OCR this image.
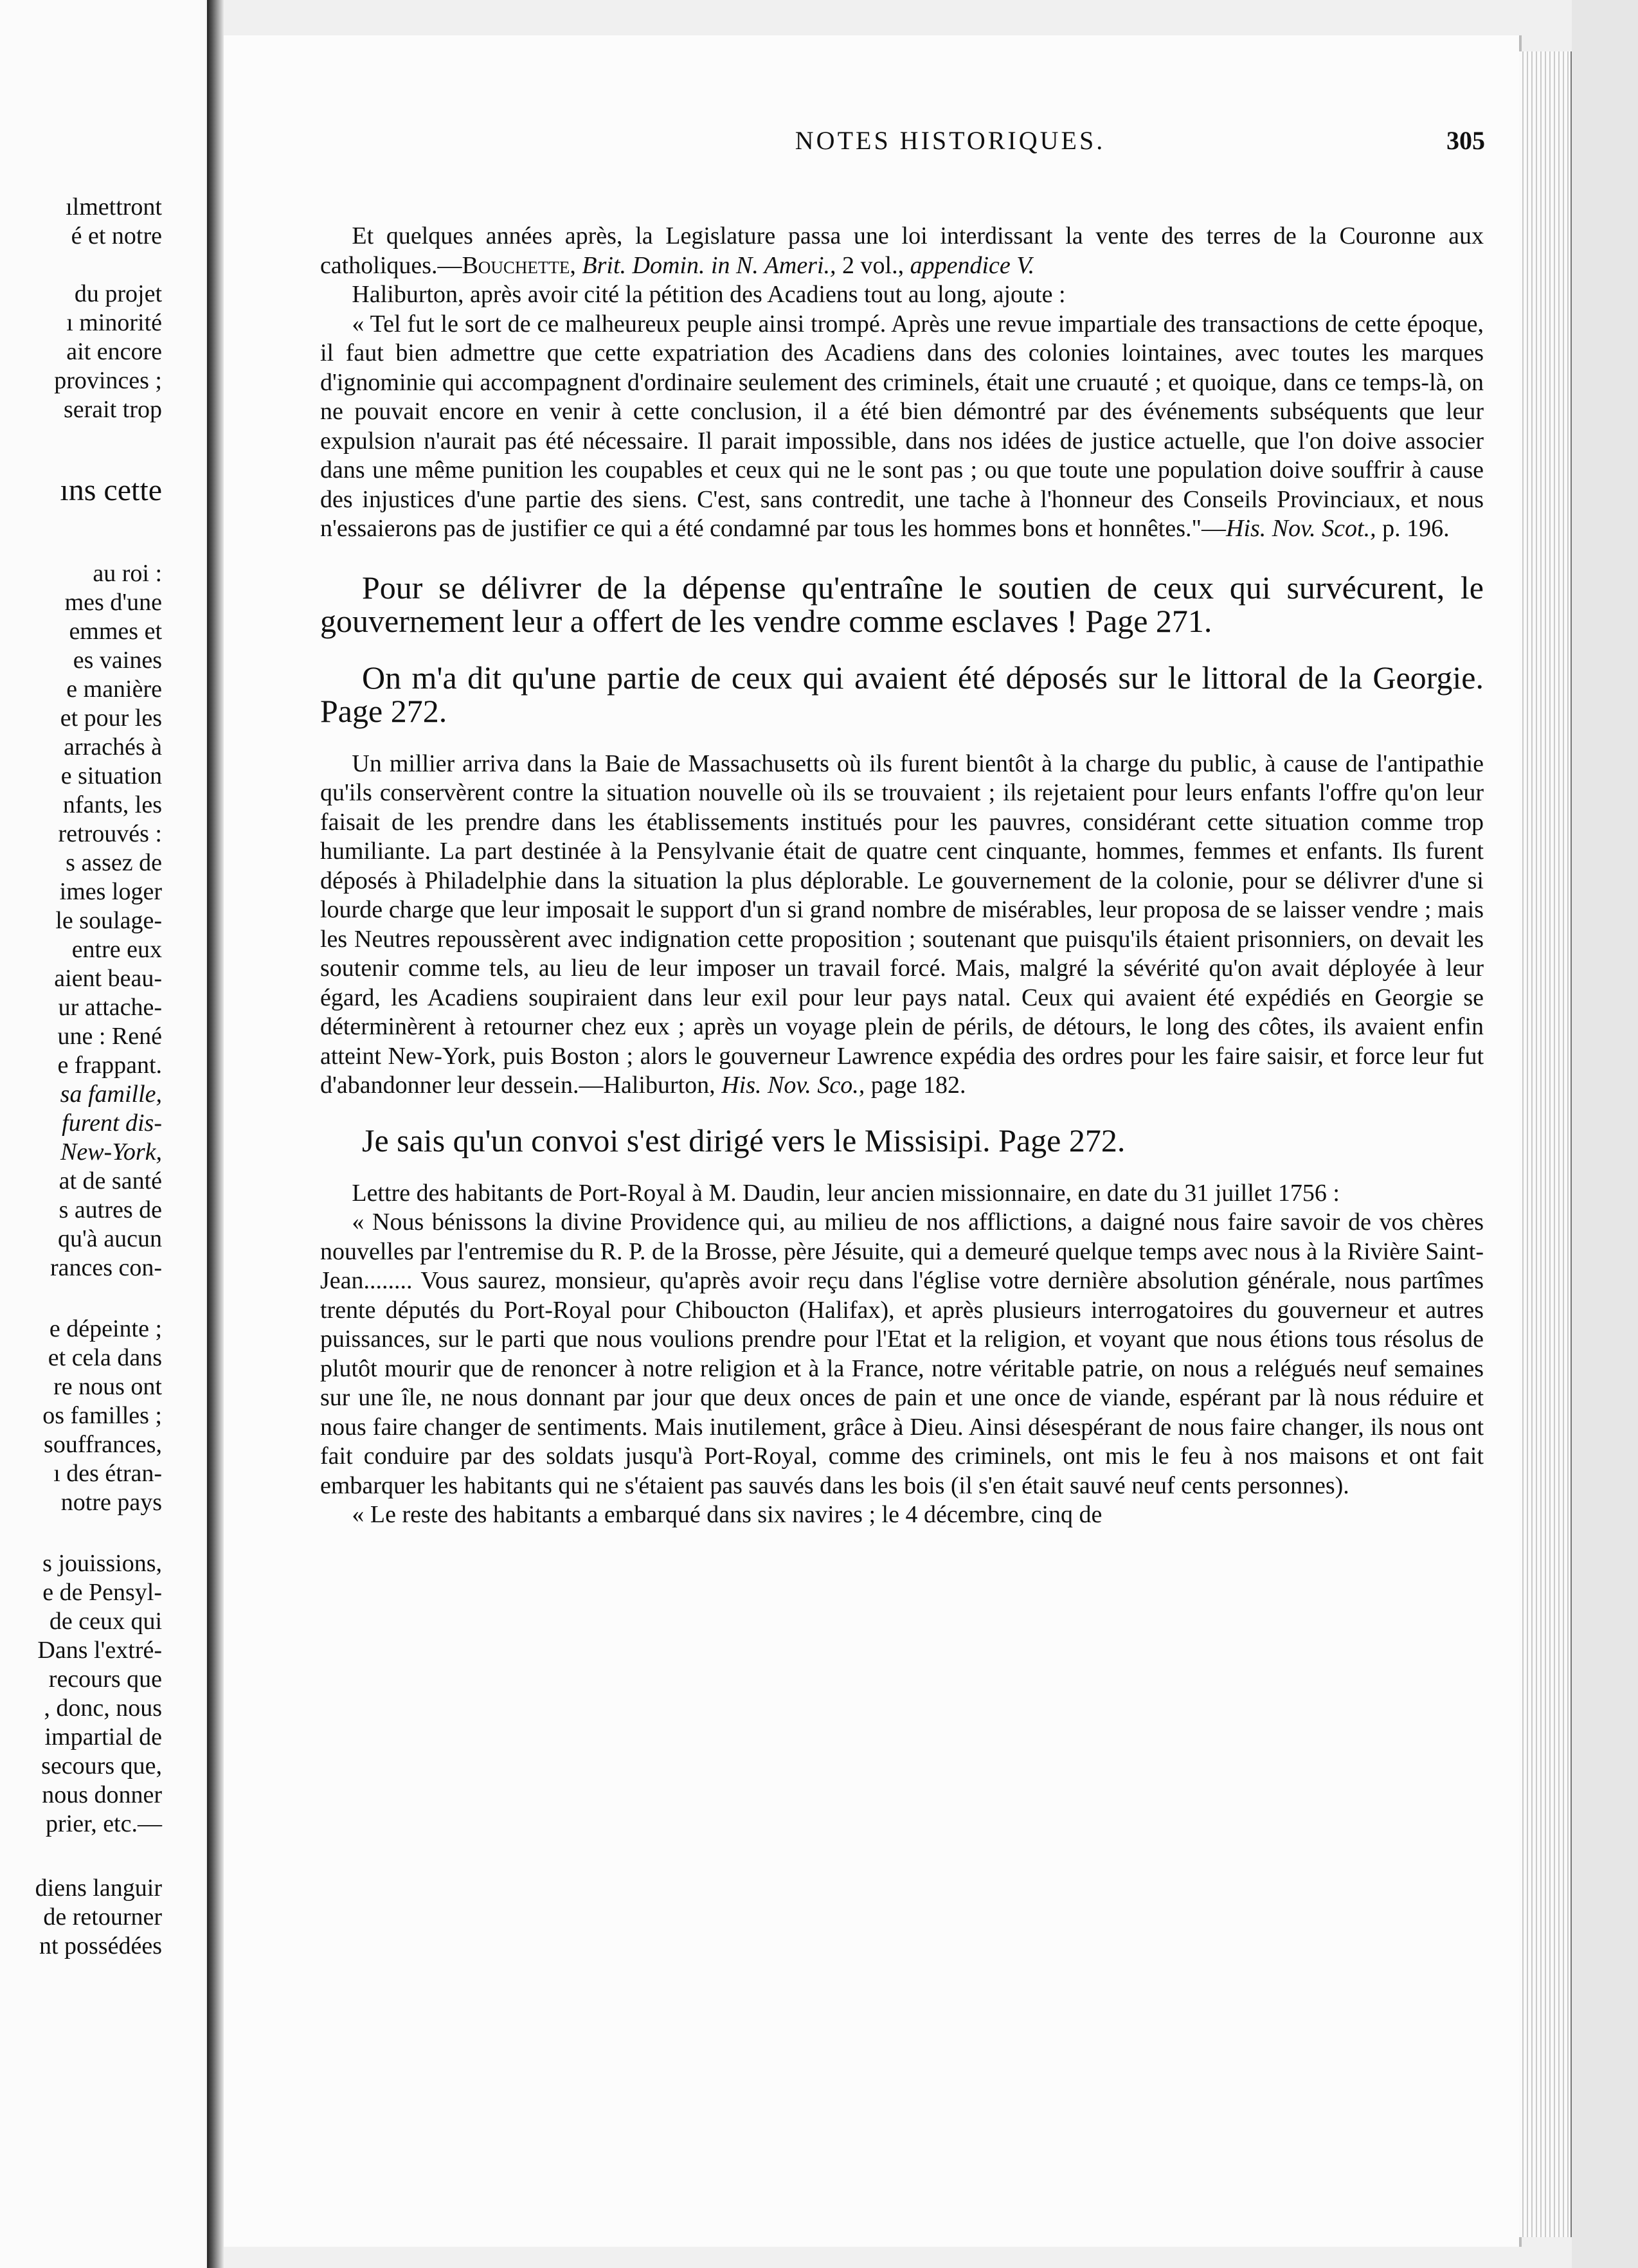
ılmettront
é et notre
du projet
ı minorité
ait encore
provinces ;
serait trop
ıns cette
au roi :
mes d'une
emmes et
es vaines
e manière
et pour les
arrachés à
e situation
nfants, les
retrouvés :
s assez de
imes loger
le soulage-
entre eux
aient beau-
ur attache-
une : René
e frappant.
sa famille,
furent dis-
New-York,
at de santé
s autres de
qu'à aucun
rances con-
e dépeinte ;
et cela dans
re nous ont
os familles ;
souffrances,
ı des étran-
notre pays
s jouissions,
e de Pensyl-
de ceux qui
Dans l'extré-
recours que
, donc, nous
impartial de
secours que,
nous donner
prier, etc.—
diens languir
de retourner
nt possédées
NOTES HISTORIQUES.	305

Et quelques années après, la Legislature passa une loi interdissant la vente des terres de la Couronne aux catholiques.—Bouchette, Brit. Domin. in N. Ameri., 2 vol., appendice V.

Haliburton, après avoir cité la pétition des Acadiens tout au long, ajoute :

« Tel fut le sort de ce malheureux peuple ainsi trompé. Après une revue impartiale des transactions de cette époque, il faut bien admettre que cette expatriation des Acadiens dans des colonies lointaines, avec toutes les marques d'ignominie qui accompagnent d'ordinaire seulement des criminels, était une cruauté ; et quoique, dans ce temps-là, on ne pouvait encore en venir à cette conclusion, il a été bien démontré par des événements subséquents que leur expulsion n'aurait pas été nécessaire. Il parait impossible, dans nos idées de justice actuelle, que l'on doive associer dans une même punition les coupables et ceux qui ne le sont pas ; ou que toute une population doive souffrir à cause des injustices d'une partie des siens. C'est, sans contredit, une tache à l'honneur des Conseils Provinciaux, et nous n'essaierons pas de justifier ce qui a été condamné par tous les hommes bons et honnêtes."—His. Nov. Scot., p. 196.

Pour se délivrer de la dépense qu'entraîne le soutien de ceux qui survécurent, le gouvernement leur a offert de les vendre comme esclaves ! Page 271.

On m'a dit qu'une partie de ceux qui avaient été déposés sur le littoral de la Georgie. Page 272.

Un millier arriva dans la Baie de Massachusetts où ils furent bientôt à la charge du public, à cause de l'antipathie qu'ils conservèrent contre la situation nouvelle où ils se trouvaient ; ils rejetaient pour leurs enfants l'offre qu'on leur faisait de les prendre dans les établissements institués pour les pauvres, considérant cette situation comme trop humiliante. La part destinée à la Pensylvanie était de quatre cent cinquante, hommes, femmes et enfants. Ils furent déposés à Philadelphie dans la situation la plus déplorable. Le gouvernement de la colonie, pour se délivrer d'une si lourde charge que leur imposait le support d'un si grand nombre de misérables, leur proposa de se laisser vendre ; mais les Neutres repoussèrent avec indignation cette proposition ; soutenant que puisqu'ils étaient prisonniers, on devait les soutenir comme tels, au lieu de leur imposer un travail forcé. Mais, malgré la sévérité qu'on avait déployée à leur égard, les Acadiens soupiraient dans leur exil pour leur pays natal. Ceux qui avaient été expédiés en Georgie se déterminèrent à retourner chez eux ; après un voyage plein de périls, de détours, le long des côtes, ils avaient enfin atteint New-York, puis Boston ; alors le gouverneur Lawrence expédia des ordres pour les faire saisir, et force leur fut d'abandonner leur dessein.—Haliburton, His. Nov. Sco., page 182.

Je sais qu'un convoi s'est dirigé vers le Missisipi. Page 272.

Lettre des habitants de Port-Royal à M. Daudin, leur ancien missionnaire, en date du 31 juillet 1756 :

« Nous bénissons la divine Providence qui, au milieu de nos afflictions, a daigné nous faire savoir de vos chères nouvelles par l'entremise du R. P. de la Brosse, père Jésuite, qui a demeuré quelque temps avec nous à la Rivière Saint-Jean........ Vous saurez, monsieur, qu'après avoir reçu dans l'église votre dernière absolution générale, nous partîmes trente députés du Port-Royal pour Chiboucton (Halifax), et après plusieurs interrogatoires du gouverneur et autres puissances, sur le parti que nous voulions prendre pour l'Etat et la religion, et voyant que nous étions tous résolus de plutôt mourir que de renoncer à notre religion et à la France, notre véritable patrie, on nous a relégués neuf semaines sur une île, ne nous donnant par jour que deux onces de pain et une once de viande, espérant par là nous réduire et nous faire changer de sentiments. Mais inutilement, grâce à Dieu. Ainsi désespérant de nous faire changer, ils nous ont fait conduire par des soldats jusqu'à Port-Royal, comme des criminels, ont mis le feu à nos maisons et ont fait embarquer les habitants qui ne s'étaient pas sauvés dans les bois (il s'en était sauvé neuf cents personnes).

« Le reste des habitants a embarqué dans six navires ; le 4 décembre, cinq de
